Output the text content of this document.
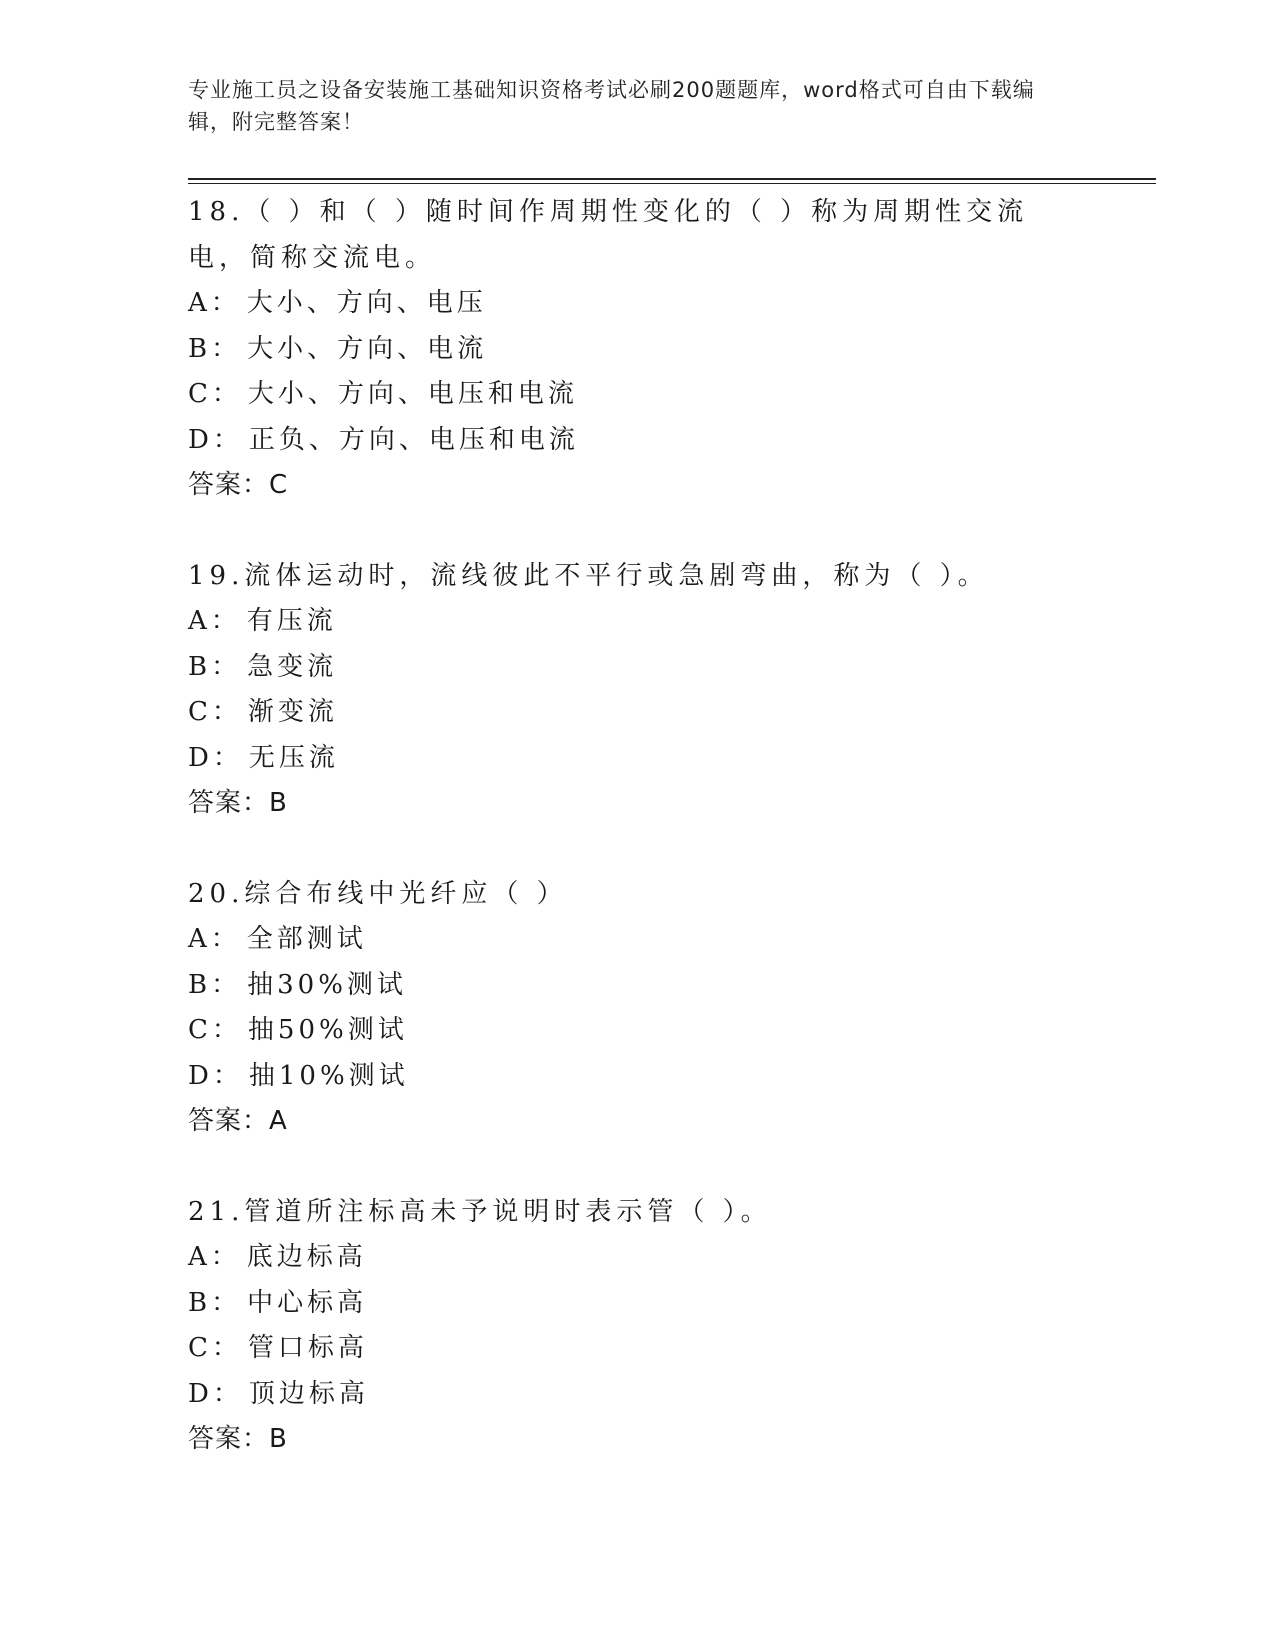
专业施工员之设备安装施工基础知识资格考试必刷200题题库，word格式可自由下载编辑，附完整答案！
18.（ ）和（ ）随时间作周期性变化的（ ）称为周期性交流电，简称交流电。
A： 大小、方向、电压
B： 大小、方向、电流
C： 大小、方向、电压和电流
D： 正负、方向、电压和电流
答案：C
19.流体运动时，流线彼此不平行或急剧弯曲，称为（ ）。
A： 有压流
B： 急变流
C： 渐变流
D： 无压流
答案：B
20.综合布线中光纤应（ ）
A： 全部测试
B： 抽30%测试
C： 抽50%测试
D： 抽10%测试
答案：A
21.管道所注标高未予说明时表示管（ ）。
A： 底边标高
B： 中心标高
C： 管口标高
D： 顶边标高
答案：B
